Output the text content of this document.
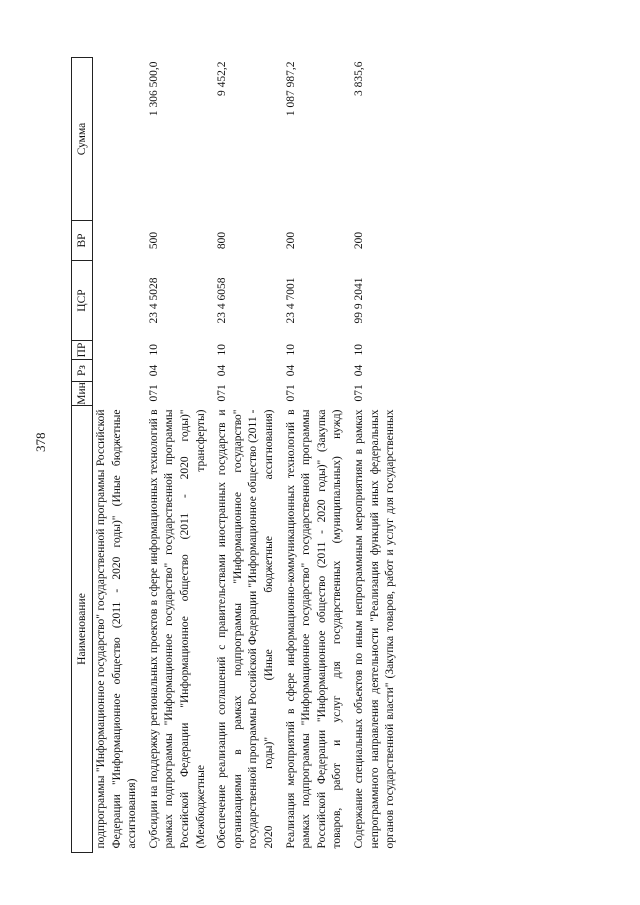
378
Наименование	Мин	Рз	ПР	ЦСР	ВР	Сумма
подпрограммы "Информационное государство" государственной программы Российской Федерации "Информационное общество (2011 - 2020 годы)" (Иные бюджетные ассигнования)						
Субсидии на поддержку региональных проектов в сфере информационных технологий в рамках подпрограммы "Информационное государство" государственной программы Российской Федерации "Информационное общество (2011 - 2020 годы)" (Межбюджетные трансферты)	071	04	10	23 4 5028	500	1 306 500,0
Обеспечение реализации соглашений с правительствами иностранных государств и организациями в рамках подпрограммы "Информационное государство" государственной программы Российской Федерации "Информационное общество (2011 - 2020 годы)" (Иные бюджетные ассигнования)	071	04	10	23 4 6058	800	9 452,2
Реализация мероприятий в сфере информационно-коммуникационных технологий в рамках подпрограммы "Информационное государство" государственной программы Российской Федерации "Информационное общество (2011 - 2020 годы)" (Закупка товаров, работ и услуг для государственных (муниципальных) нужд)	071	04	10	23 4 7001	200	1 087 987,2
Содержание специальных объектов по иным непрограммным мероприятиям в рамках непрограммного направления деятельности "Реализация функций иных федеральных органов государственной власти" (Закупка товаров, работ и услуг для государственных	071	04	10	99 9 2041	200	3 835,6
